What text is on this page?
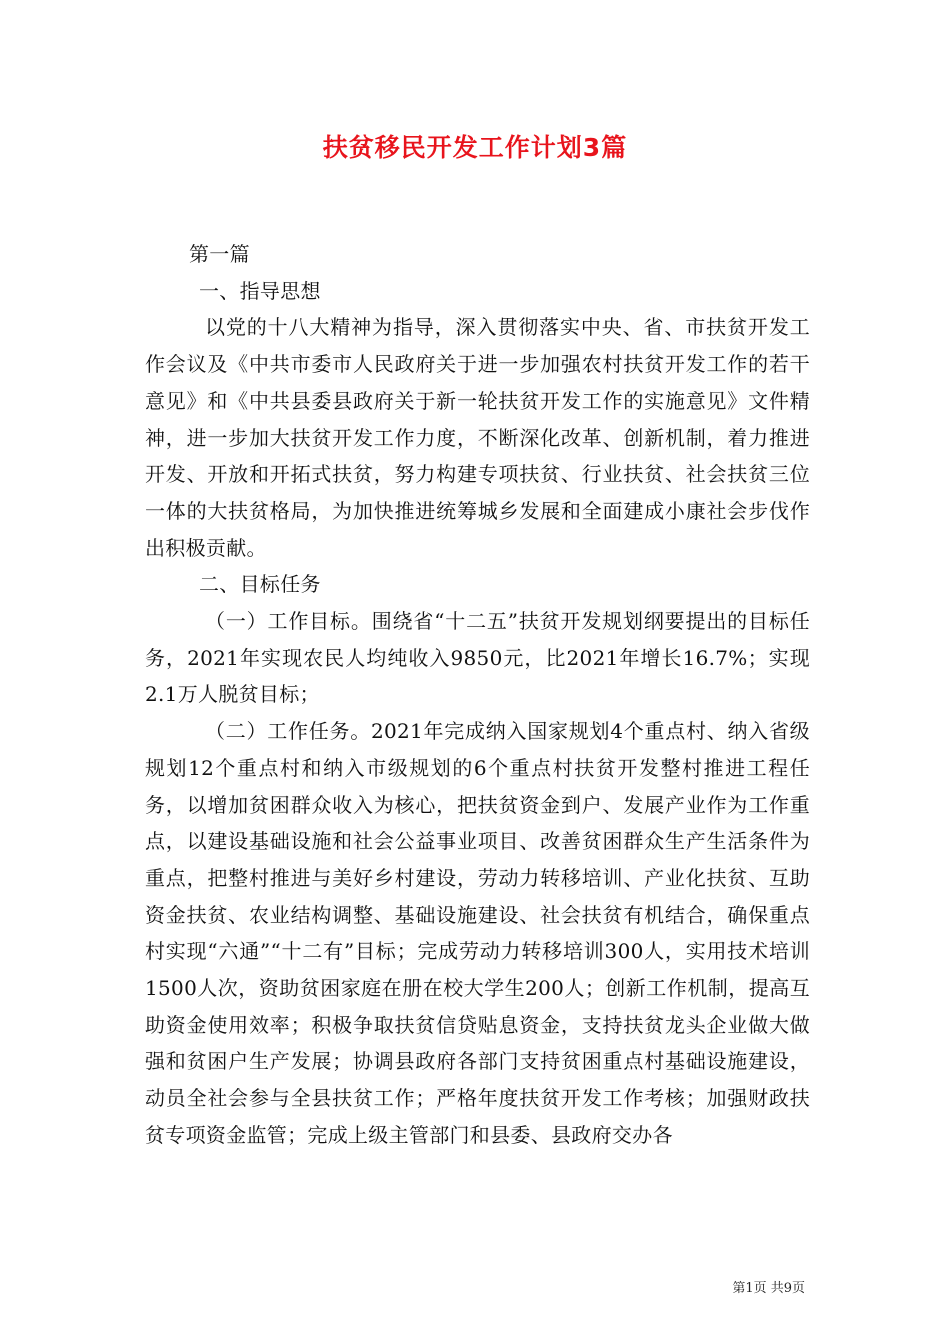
扶贫移民开发工作计划3篇

第一篇

一、指导思想

以党的十八大精神为指导，深入贯彻落实中央、省、市扶贫开发工作会议及《中共市委市人民政府关于进一步加强农村扶贫开发工作的若干意见》和《中共县委县政府关于新一轮扶贫开发工作的实施意见》文件精神，进一步加大扶贫开发工作力度，不断深化改革、创新机制，着力推进开发、开放和开拓式扶贫，努力构建专项扶贫、行业扶贫、社会扶贫三位一体的大扶贫格局，为加快推进统筹城乡发展和全面建成小康社会步伐作出积极贡献。

二、目标任务

（一）工作目标。围绕省“十二五”扶贫开发规划纲要提出的目标任务，2021年实现农民人均纯收入9850元，比2021年增长16.7%；实现2.1万人脱贫目标；

（二）工作任务。2021年完成纳入国家规划4个重点村、纳入省级规划12个重点村和纳入市级规划的6个重点村扶贫开发整村推进工程任务，以增加贫困群众收入为核心，把扶贫资金到户、发展产业作为工作重点，以建设基础设施和社会公益事业项目、改善贫困群众生产生活条件为重点，把整村推进与美好乡村建设，劳动力转移培训、产业化扶贫、互助资金扶贫、农业结构调整、基础设施建设、社会扶贫有机结合，确保重点村实现“六通”“十二有”目标；完成劳动力转移培训300人，实用技术培训1500人次，资助贫困家庭在册在校大学生200人；创新工作机制，提高互助资金使用效率；积极争取扶贫信贷贴息资金，支持扶贫龙头企业做大做强和贫困户生产发展；协调县政府各部门支持贫困重点村基础设施建设，动员全社会参与全县扶贫工作；严格年度扶贫开发工作考核；加强财政扶贫专项资金监管；完成上级主管部门和县委、县政府交办各

第1页 共9页
